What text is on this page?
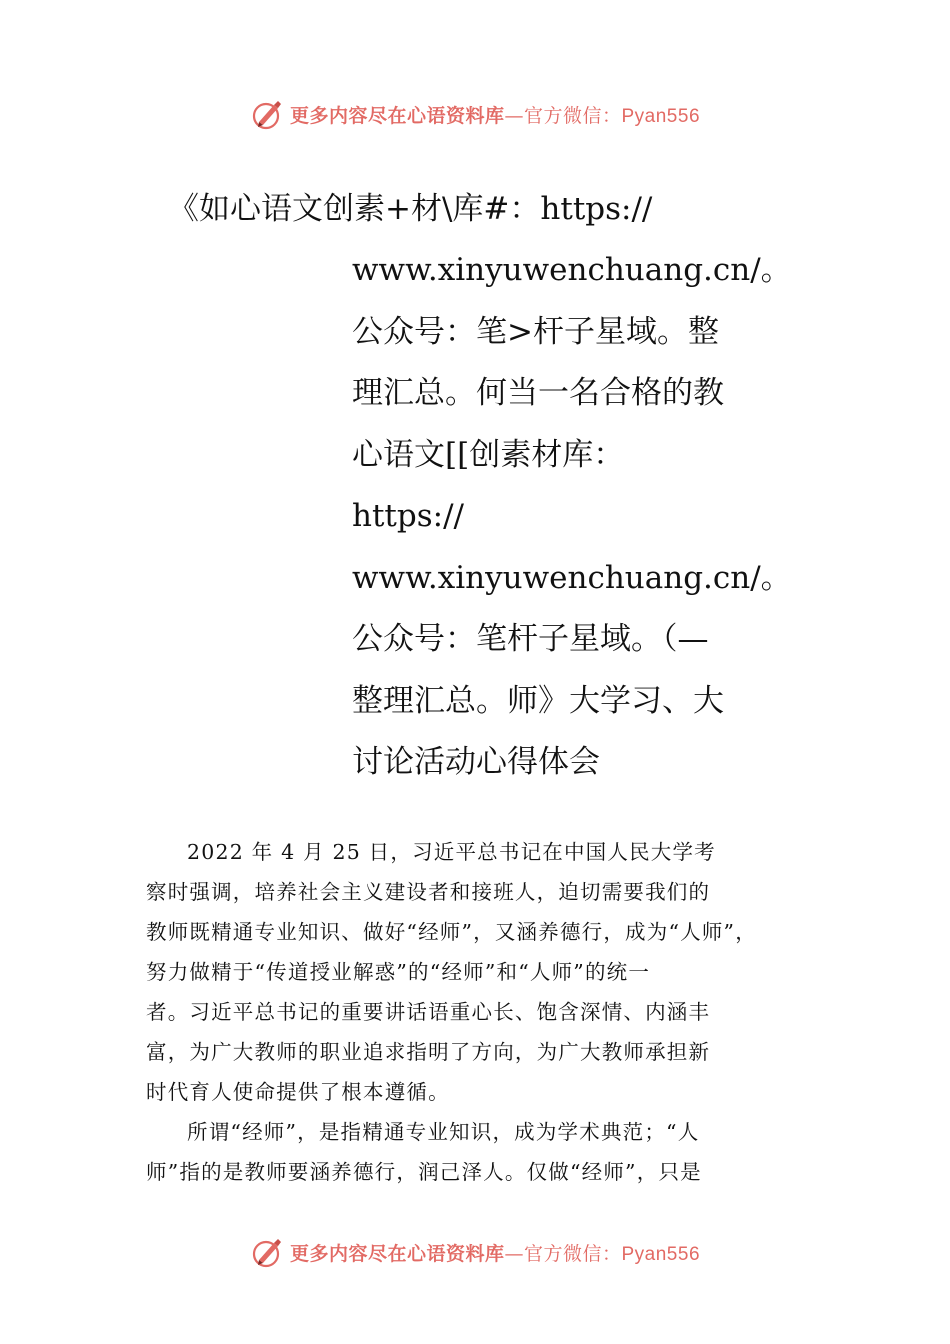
更多内容尽在心语资料库—官方微信：Pyan556
《如心语文创素+材\库#：https://
www.xinyuwenchuang.cn/。
公众号：笔>杆子星域。整
理汇总。何当一名合格的教
心语文[[创素材库：
https://
www.xinyuwenchuang.cn/。
公众号：笔杆子星域。（—
整理汇总。师》大学习、大
讨论活动心得体会

2022 年 4 月 25 日，习近平总书记在中国人民大学考
察时强调，培养社会主义建设者和接班人，迫切需要我们的
教师既精通专业知识、做好“经师”，又涵养德行，成为“人师”，
努力做精于“传道授业解惑”的“经师”和“人师”的统一
者。习近平总书记的重要讲话语重心长、饱含深情、内涵丰
富，为广大教师的职业追求指明了方向，为广大教师承担新
时代育人使命提供了根本遵循。

所谓“经师”，是指精通专业知识，成为学术典范；“人
师”指的是教师要涵养德行，润己泽人。仅做“经师”，只是

更多内容尽在心语资料库—官方微信：Pyan556
